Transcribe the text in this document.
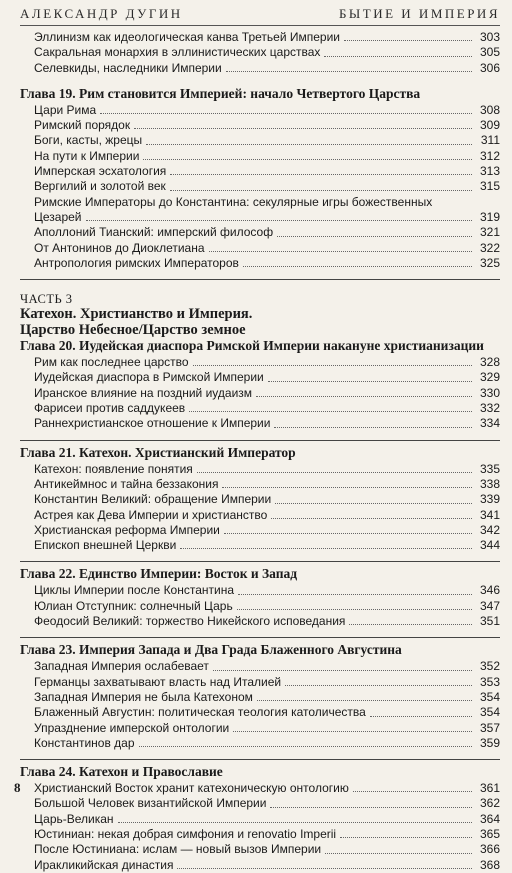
АЛЕКСАНДР ДУГИН	БЫТИЕ И ИМПЕРИЯ
Эллинизм как идеологическая канва Третьей Империи	303
Сакральная монархия в эллинистических царствах	305
Селевкиды, наследники Империи	306
Глава 19. Рим становится Империей: начало Четвертого Царства
Цари Рима	308
Римский порядок	309
Боги, касты, жрецы	311
На пути к Империи	312
Имперская эсхатология	313
Вергилий и золотой век	315
Римские Императоры до Константина: секулярные игры божественных
Цезарей	319
Аполлоний Тианский: имперский философ	321
От Антонинов до Диоклетиана	322
Антропология римских Императоров	325
ЧАСТЬ 3
Катехон. Христианство и Империя.
Царство Небесное/Царство земное
Глава 20. Иудейская диаспора Римской Империи накануне христианизации
Рим как последнее царство	328
Иудейская диаспора в Римской Империи	329
Иранское влияние на поздний иудаизм	330
Фарисеи против саддукеев	332
Раннехристианское отношение к Империи	334
Глава 21. Катехон. Христианский Император
Катехон: появление понятия	335
Антикеймнос и тайна беззакония	338
Константин Великий: обращение Империи	339
Астрея как Дева Империи и христианство	341
Христианская реформа Империи	342
Епископ внешней Церкви	344
Глава 22. Единство Империи: Восток и Запад
Циклы Империи после Константина	346
Юлиан Отступник: солнечный Царь	347
Феодосий Великий: торжество Никейского исповедания	351
Глава 23. Империя Запада и Два Града Блаженного Августина
Западная Империя ослабевает	352
Германцы захватывают власть над Италией	353
Западная Империя не была Катехоном	354
Блаженный Августин: политическая теология католичества	354
Упразднение имперской онтологии	357
Константинов дар	359
Глава 24. Катехон и Православие
Христианский Восток хранит катехоническую онтологию	361
Большой Человек византийской Империи	362
Царь-Великан	364
Юстиниан: некая добрая симфония и renovatio Imperii	365
После Юстиниана: ислам — новый вызов Империи	366
Иракликийская династия	368
8
